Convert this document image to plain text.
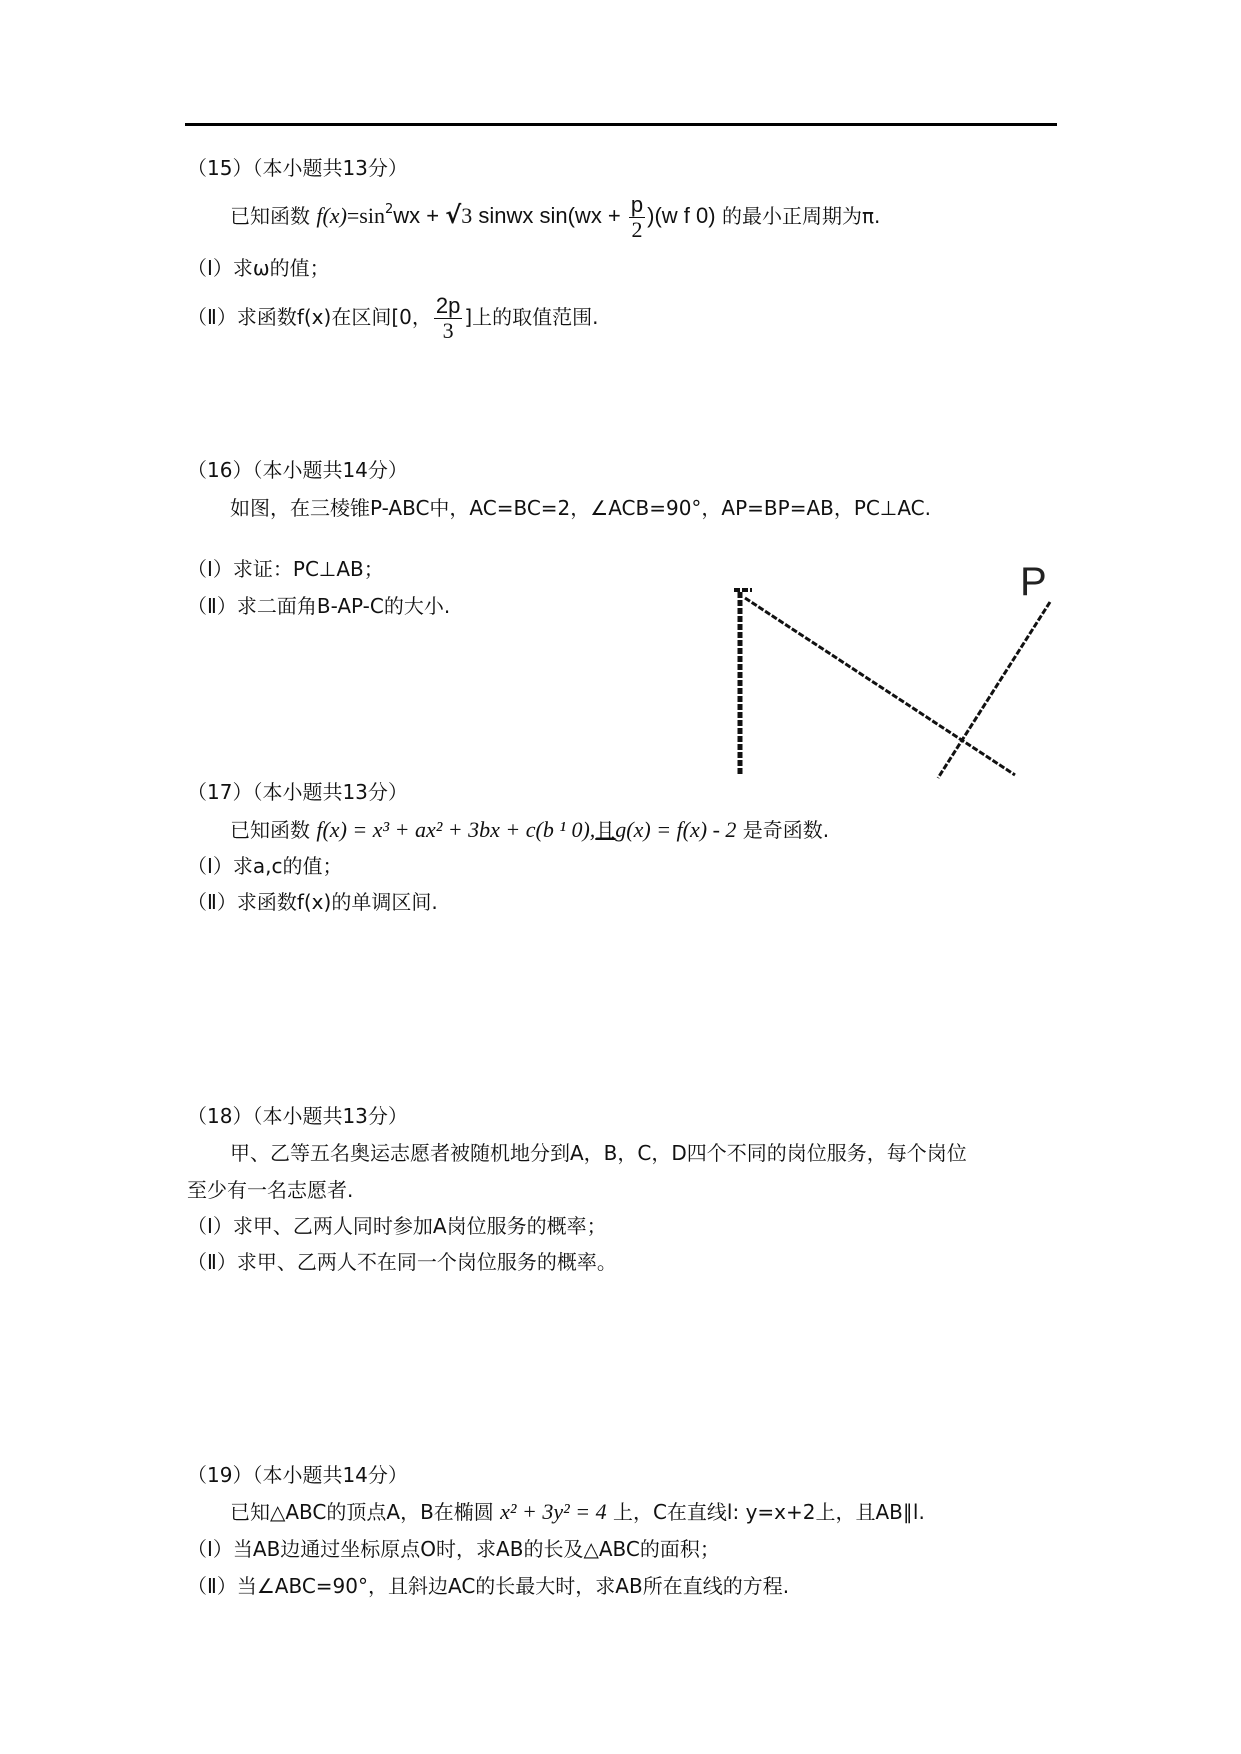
（15）（本小题共13分）
已知函数 $f(x)=\sin^2wx + √3$ sinwx $\sin(wx + \frac{p}{2} )(w$ f 0) 的最小正周期为π.
（Ⅰ）求ω的值；
（Ⅱ）求函数f(x)在区间[0， $\frac{2p}{3}$ ]上的取值范围.
（16）（本小题共14分）
如图，在三棱锥P-ABC中，AC=BC=2，∠ACB=90°，AP=BP=AB，PC⊥AC.
（Ⅰ）求证：PC⊥AB；
（Ⅱ）求二面角B-AP-C的大小.
P
（17）（本小题共13分）
已知函数 f(x) = x³ + ax² + 3bx + c(b ¹ 0),且g(x) = f(x) - 2 是奇函数.
（Ⅰ）求a,c的值；
（Ⅱ）求函数f(x)的单调区间.
（18）（本小题共13分）
甲、乙等五名奥运志愿者被随机地分到A，B，C，D四个不同的岗位服务，每个岗位
至少有一名志愿者.
（Ⅰ）求甲、乙两人同时参加A岗位服务的概率；
（Ⅱ）求甲、乙两人不在同一个岗位服务的概率。
（19）（本小题共14分）
已知△ABC的顶点A，B在椭圆 x² + 3y² = 4 上，C在直线l: y=x+2上，且AB∥l.
（Ⅰ）当AB边通过坐标原点O时，求AB的长及△ABC的面积；
（Ⅱ）当∠ABC=90°，且斜边AC的长最大时，求AB所在直线的方程.
